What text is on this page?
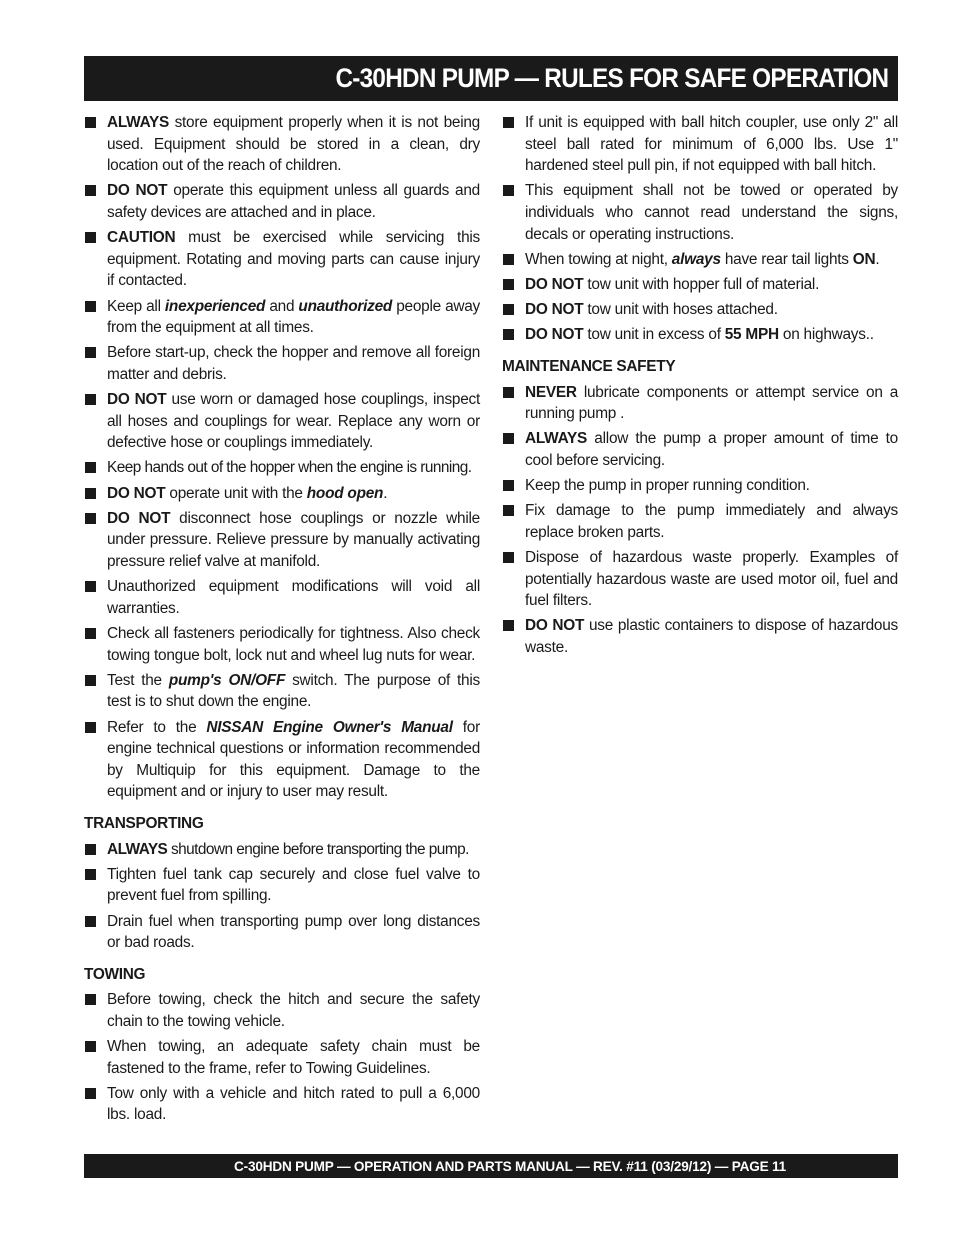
C-30HDN PUMP — RULES FOR SAFE OPERATION
ALWAYS store equipment properly when it is not being used. Equipment should be stored in a clean, dry location out of the reach of children.
DO NOT operate this equipment unless all guards and safety devices are attached and in place.
CAUTION must be exercised while servicing this equipment. Rotating and moving parts can cause injury if contacted.
Keep all inexperienced and unauthorized people away from the equipment at all times.
Before start-up, check the hopper and remove all foreign matter and debris.
DO NOT use worn or damaged hose couplings, inspect all hoses and couplings for wear. Replace any worn or defective hose or couplings immediately.
Keep hands out of the hopper when the engine is running.
DO NOT operate unit with the hood open.
DO NOT disconnect hose couplings or nozzle while under pressure. Relieve pressure by manually activating pressure relief valve at manifold.
Unauthorized equipment modifications will void all warranties.
Check all fasteners periodically for tightness. Also check towing tongue bolt, lock nut and wheel lug nuts for wear.
Test the pump's ON/OFF switch. The purpose of this test is to shut down the engine.
Refer to the NISSAN Engine Owner's Manual for engine technical questions or information recommended by Multiquip for this equipment. Damage to the equipment and or injury to user may result.
TRANSPORTING
ALWAYS shutdown engine before transporting the pump.
Tighten fuel tank cap securely and close fuel valve to prevent fuel from spilling.
Drain fuel when transporting pump over long distances or bad roads.
TOWING
Before towing, check the hitch and secure the safety chain to the towing vehicle.
When towing, an adequate safety chain must be fastened to the frame, refer to Towing Guidelines.
Tow only with a vehicle and hitch rated to pull a 6,000 lbs. load.
If unit is equipped with ball hitch coupler, use only 2" all steel ball rated for minimum of 6,000 lbs. Use 1" hardened steel pull pin, if not equipped with ball hitch.
This equipment shall not be towed or operated by individuals who cannot read understand the signs, decals or operating instructions.
When towing at night, always have rear tail lights ON.
DO NOT tow unit with hopper full of material.
DO NOT tow unit with hoses attached.
DO NOT tow unit in excess of 55 MPH on highways..
MAINTENANCE SAFETY
NEVER lubricate components or attempt service on a running pump .
ALWAYS allow the pump a proper amount of time to cool before servicing.
Keep the pump in proper running condition.
Fix damage to the pump immediately and always replace broken parts.
Dispose of hazardous waste properly. Examples of potentially hazardous waste are used motor oil, fuel and fuel filters.
DO NOT use plastic containers to dispose of hazardous waste.
C-30HDN PUMP — OPERATION AND PARTS MANUAL — REV. #11 (03/29/12) — PAGE 11
